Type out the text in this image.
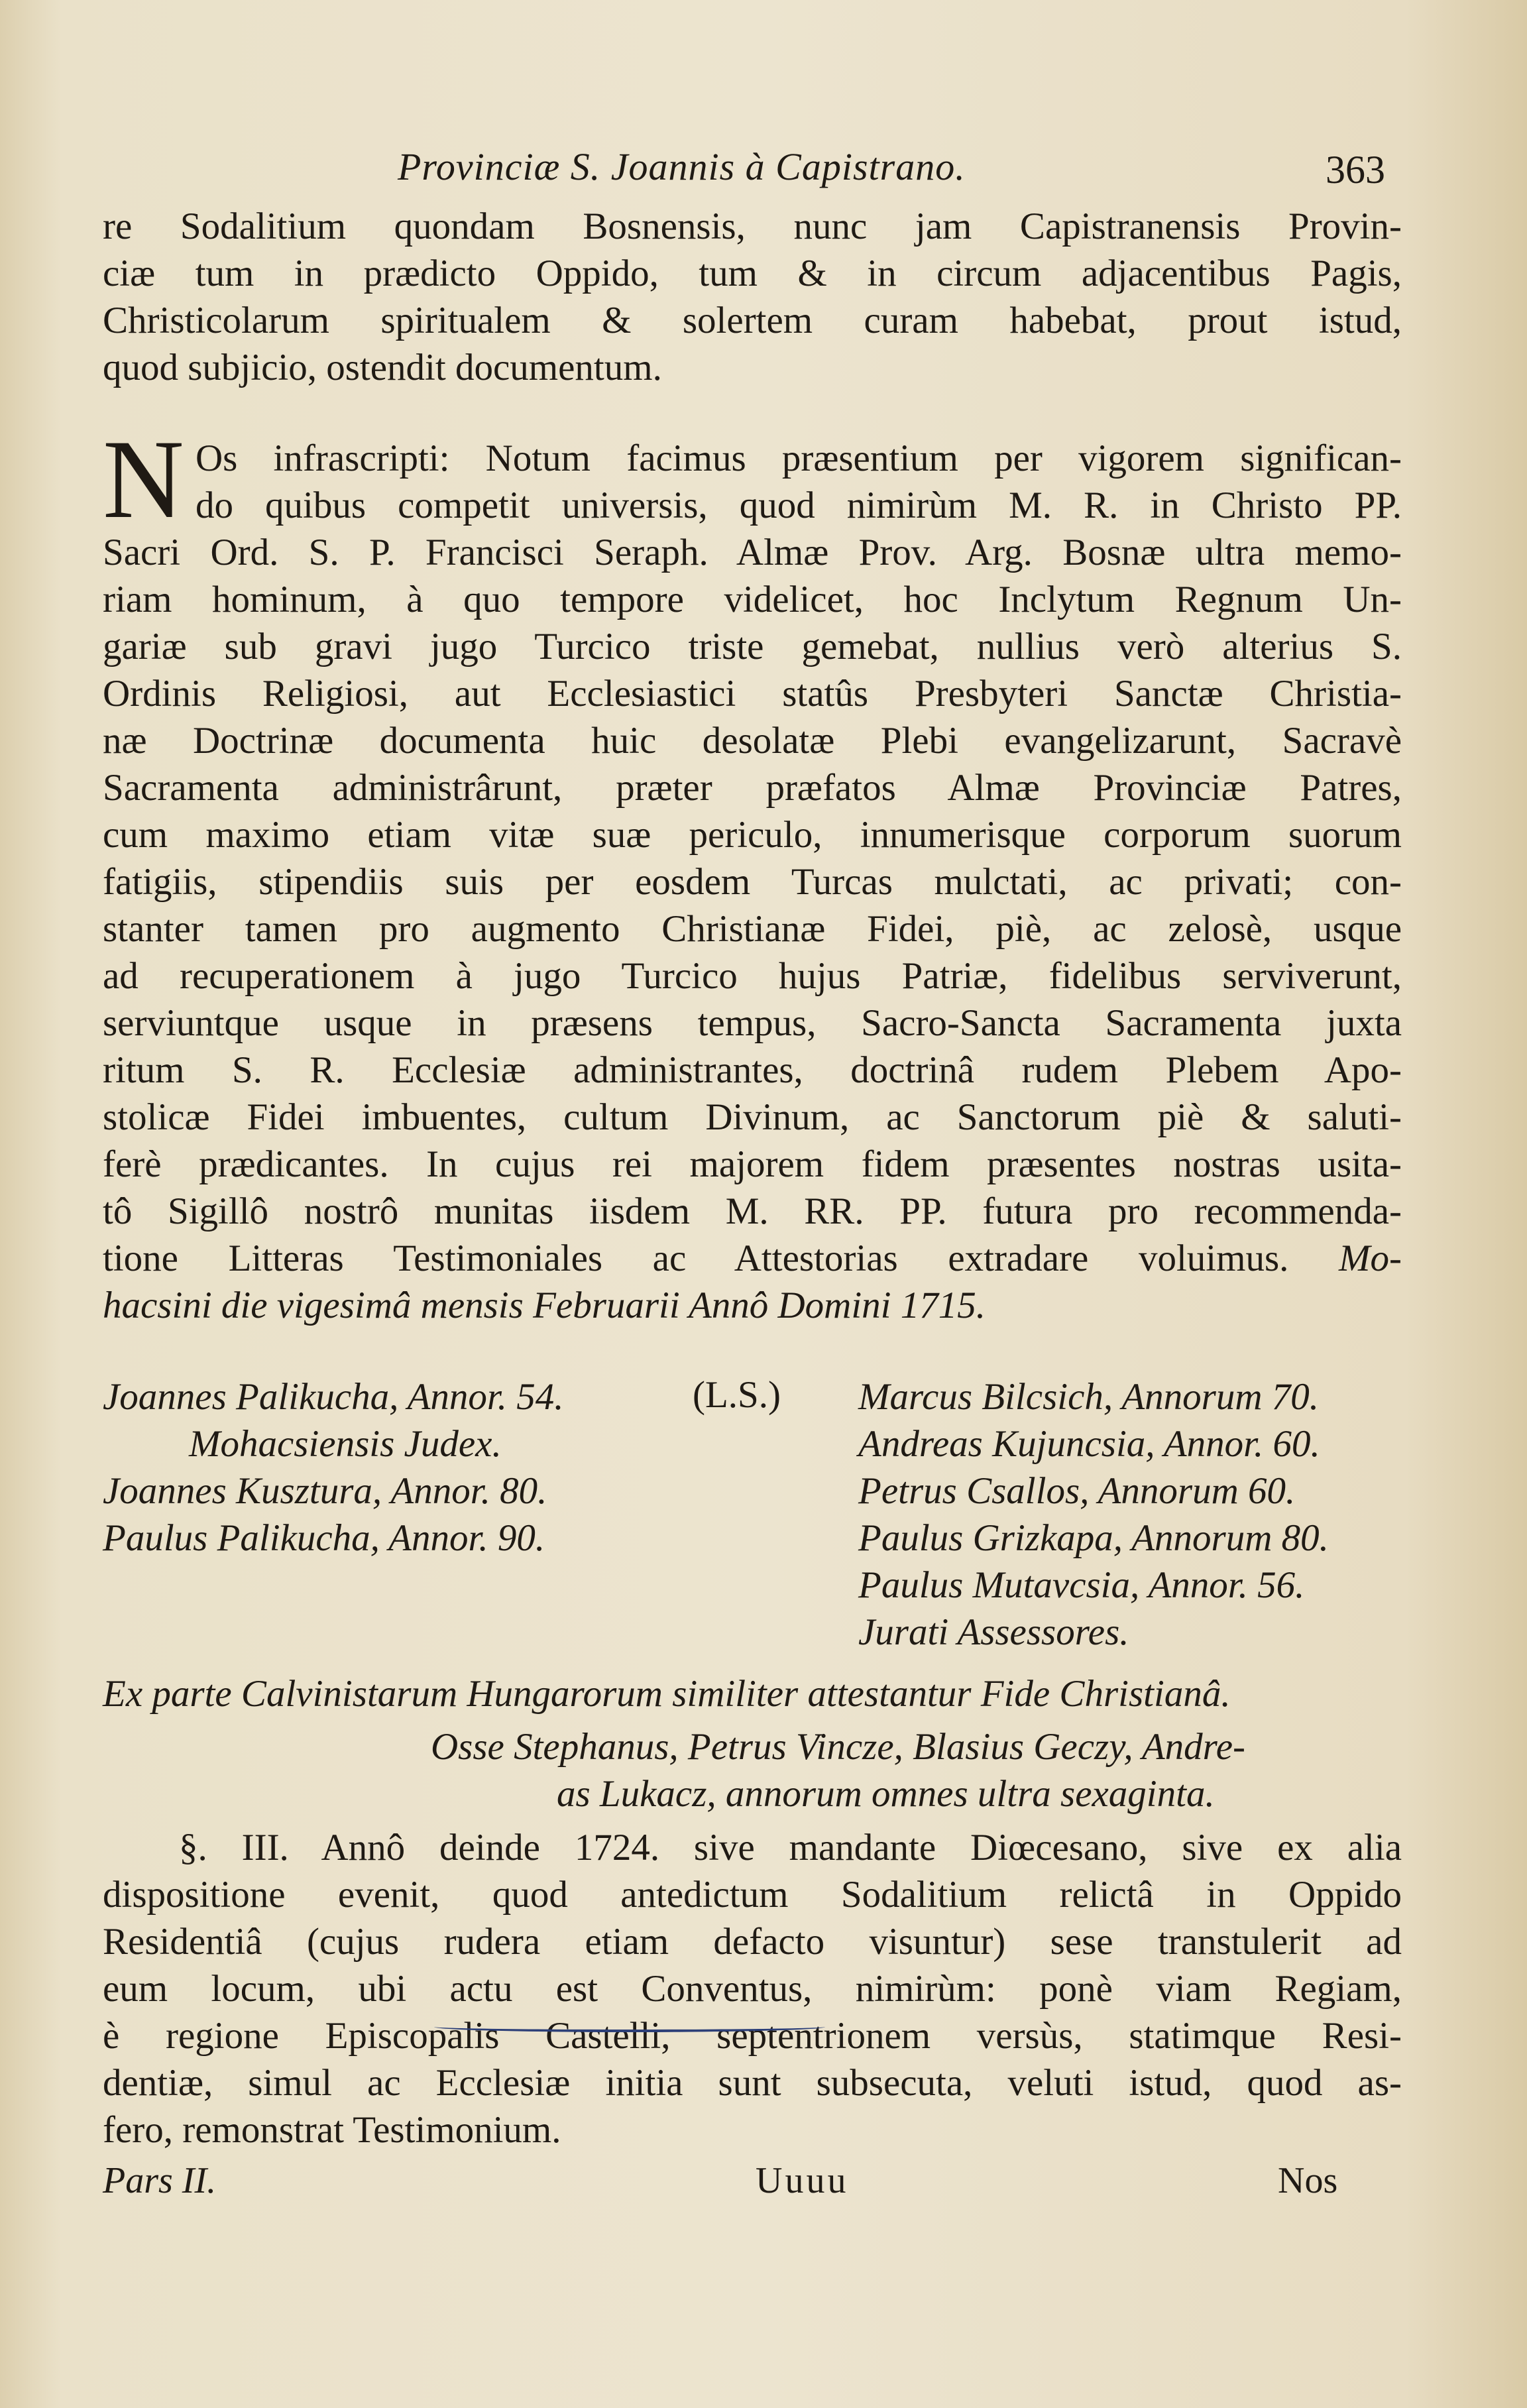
Provinciæ S. Joannis à Capistrano.	363
re Sodalitium quondam Bosnensis, nunc jam Capistranensis Provin-
ciæ tum in prædicto Oppido, tum & in circum adjacentibus Pagis,
Christicolarum spiritualem & solertem curam habebat, prout istud,
quod subjicio, ostendit documentum.
N Os infrascripti: Notum facimus præsentium per vigorem significan-
do quibus competit universis, quod nimirùm M. R. in Christo PP.
Sacri Ord. S. P. Francisci Seraph. Almæ Prov. Arg. Bosnæ ultra memo-
riam hominum, à quo tempore videlicet, hoc Inclytum Regnum Un-
gariæ sub gravi jugo Turcico triste gemebat, nullius verò alterius S.
Ordinis Religiosi, aut Ecclesiastici statûs Presbyteri Sanctæ Christia-
næ Doctrinæ documenta huic desolatæ Plebi evangelizarunt, Sacravè
Sacramenta administrârunt, præter præfatos Almæ Provinciæ Patres,
cum maximo etiam vitæ suæ periculo, innumerisque corporum suorum
fatigiis, stipendiis suis per eosdem Turcas mulctati, ac privati; con-
stanter tamen pro augmento Christianæ Fidei, piè, ac zelosè, usque
ad recuperationem à jugo Turcico hujus Patriæ, fidelibus serviverunt,
serviuntque usque in præsens tempus, Sacro-Sancta Sacramenta juxta
ritum S. R. Ecclesiæ administrantes, doctrinâ rudem Plebem Apo-
stolicæ Fidei imbuentes, cultum Divinum, ac Sanctorum piè & saluti-
ferè prædicantes. In cujus rei majorem fidem præsentes nostras usita-
tô Sigillô nostrô munitas iisdem M. RR. PP. futura pro recommenda-
tione Litteras Testimoniales ac Attestorias extradare voluimus. Mo-
hacsini die vigesimâ mensis Februarii Annô Domini 1715.
Joannes Palikucha, Annor. 54.
Mohacsiensis Judex.
Joannes Kusztura, Annor. 80.
Paulus Palikucha, Annor. 90.
(L.S.) Marcus Bilcsich, Annorum 70.
Andreas Kujuncsia, Annor. 60.
Petrus Csallos, Annorum 60.
Paulus Grizkapa, Annorum 80.
Paulus Mutavcsia, Annor. 56.
Jurati Assessores.
Ex parte Calvinistarum Hungarorum similiter attestantur Fide Christianâ.
Osse Stephanus, Petrus Vincze, Blasius Geczy, Andre-
as Lukacz, annorum omnes ultra sexaginta.
§. III. Annô deinde 1724. sive mandante Diœcesano, sive ex alia
dispositione evenit, quod antedictum Sodalitium relictâ in Oppido
Residentiâ (cujus rudera etiam defacto visuntur) sese transtulerit ad
eum locum, ubi actu est Conventus, nimirùm: ponè viam Regiam,
è regione Episcopalis Castelli, septentrionem versùs, statimque Resi-
dentiæ, simul ac Ecclesiæ initia sunt subsecuta, veluti istud, quod as-
fero, remonstrat Testimonium.
Pars II.	Uuuu	Nos
